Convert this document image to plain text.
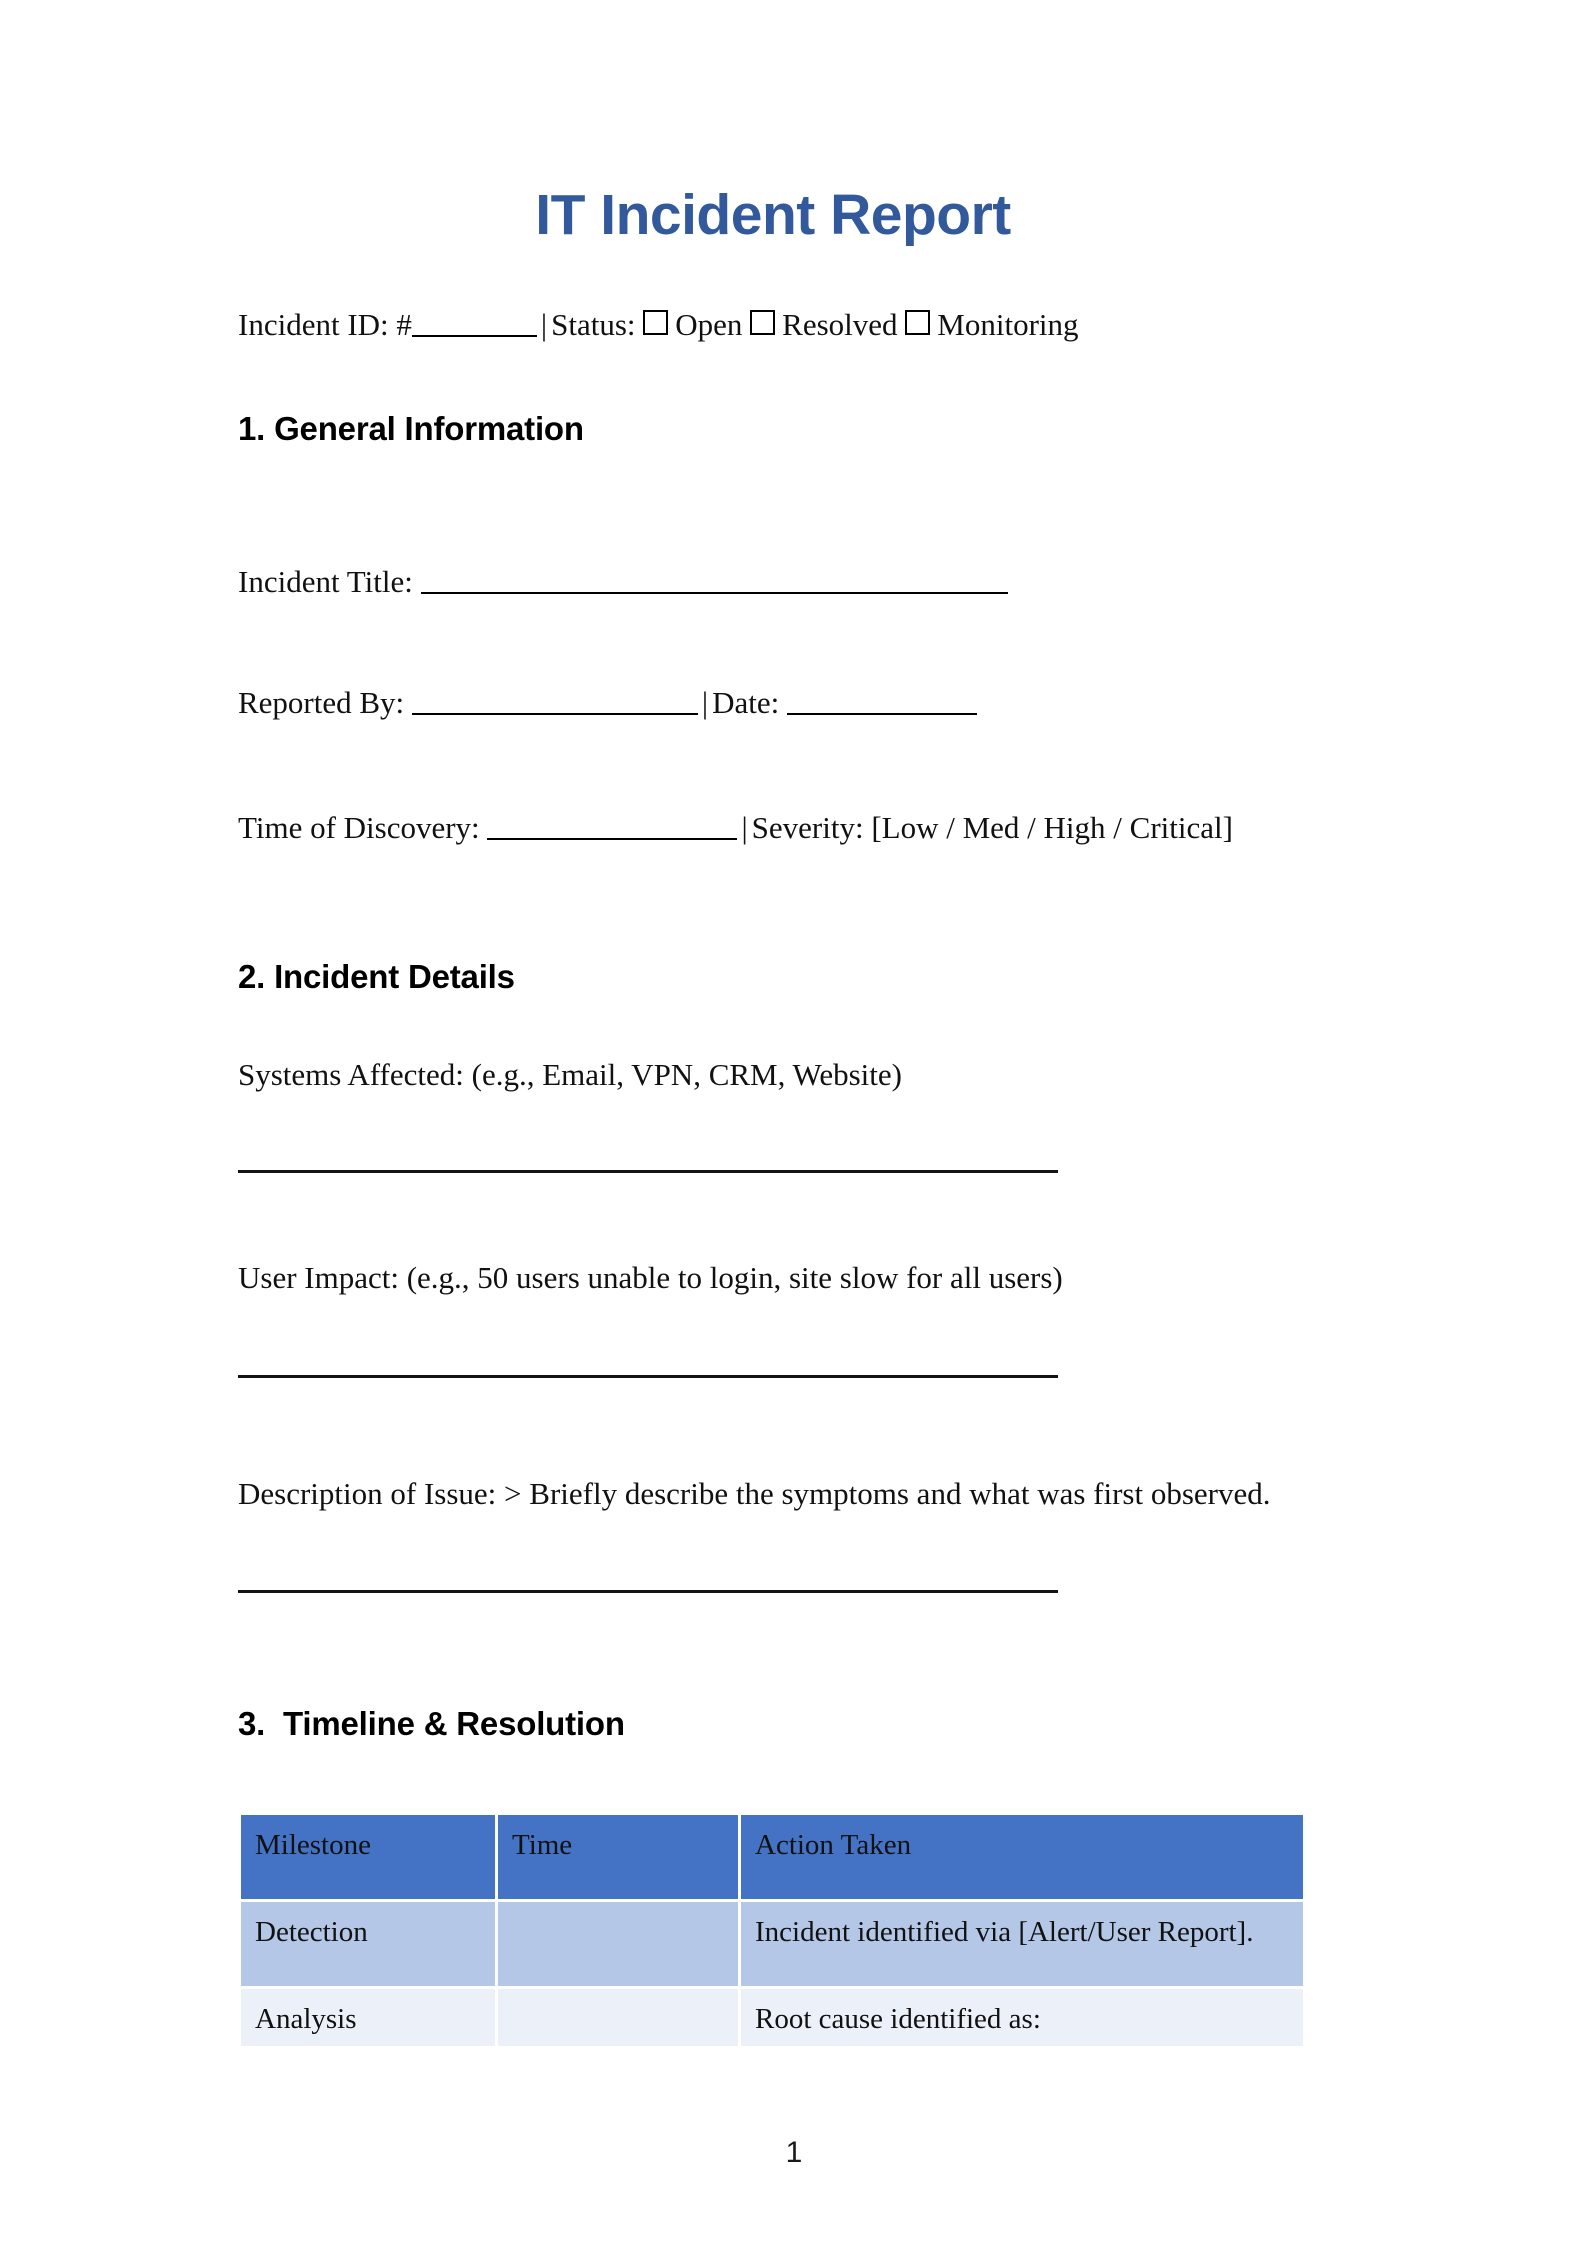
IT Incident Report
Incident ID: #	| Status: Open Resolved Monitoring
1. General Information
Incident Title:
Reported By:	| Date:
Time of Discovery:	| Severity: [Low / Med / High / Critical]
2. Incident Details
Systems Affected: (e.g., Email, VPN, CRM, Website)
User Impact: (e.g., 50 users unable to login, site slow for all users)
Description of Issue: > Briefly describe the symptoms and what was first observed.
3.  Timeline & Resolution
Milestone	Time	Action Taken
Detection		Incident identified via [Alert/User Report].
Analysis		Root cause identified as:
1
